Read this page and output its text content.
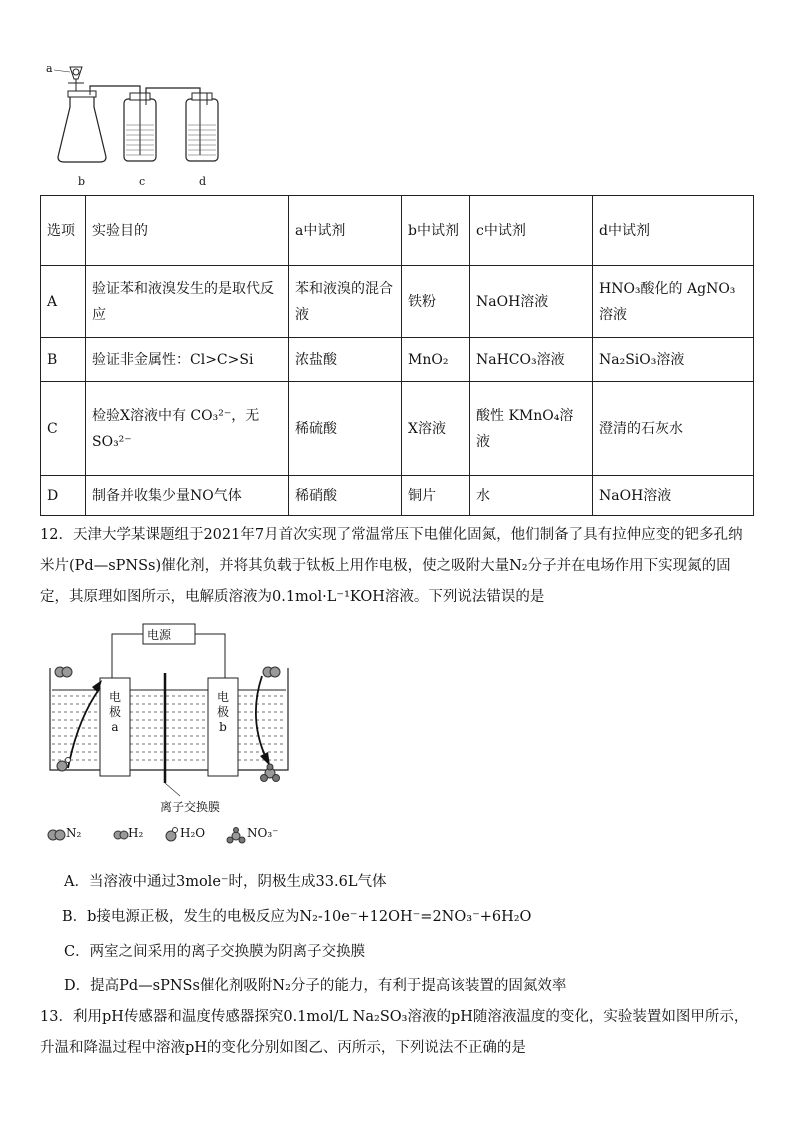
a
b	c	d
选项	实验目的	a中试剂	b中试剂	c中试剂	d中试剂
A	验证苯和液溴发生的是取代反应	苯和液溴的混合液	铁粉	NaOH溶液	HNO₃酸化的 AgNO₃溶液
B	验证非金属性：Cl>C>Si	浓盐酸	MnO₂	NaHCO₃溶液	Na₂SiO₃溶液
C	检验X溶液中有 CO₃²⁻，无 SO₃²⁻	稀硫酸	X溶液	酸性 KMnO₄溶液	澄清的石灰水
D	制备并收集少量NO气体	稀硝酸	铜片	水	NaOH溶液
12．天津大学某课题组于2021年7月首次实现了常温常压下电催化固氮，他们制备了具有拉伸应变的钯多孔纳米片(Pd—sPNSs)催化剂，并将其负载于钛板上用作电极，使之吸附大量N₂分子并在电场作用下实现氮的固定，其原理如图所示，电解质溶液为0.1mol·L⁻¹KOH溶液。下列说法错误的是
电源
电
极
a
电
极
b
离子交换膜
N₂	H₂	H₂O	NO₃⁻
A．当溶液中通过3mole⁻时，阴极生成33.6L气体
B．b接电源正极，发生的电极反应为N₂-10e⁻+12OH⁻=2NO₃⁻+6H₂O
C．两室之间采用的离子交换膜为阴离子交换膜
D．提高Pd—sPNSs催化剂吸附N₂分子的能力，有利于提高该装置的固氮效率
13．利用pH传感器和温度传感器探究0.1mol/L Na₂SO₃溶液的pH随溶液温度的变化，实验装置如图甲所示，升温和降温过程中溶液pH的变化分别如图乙、丙所示，下列说法不正确的是
